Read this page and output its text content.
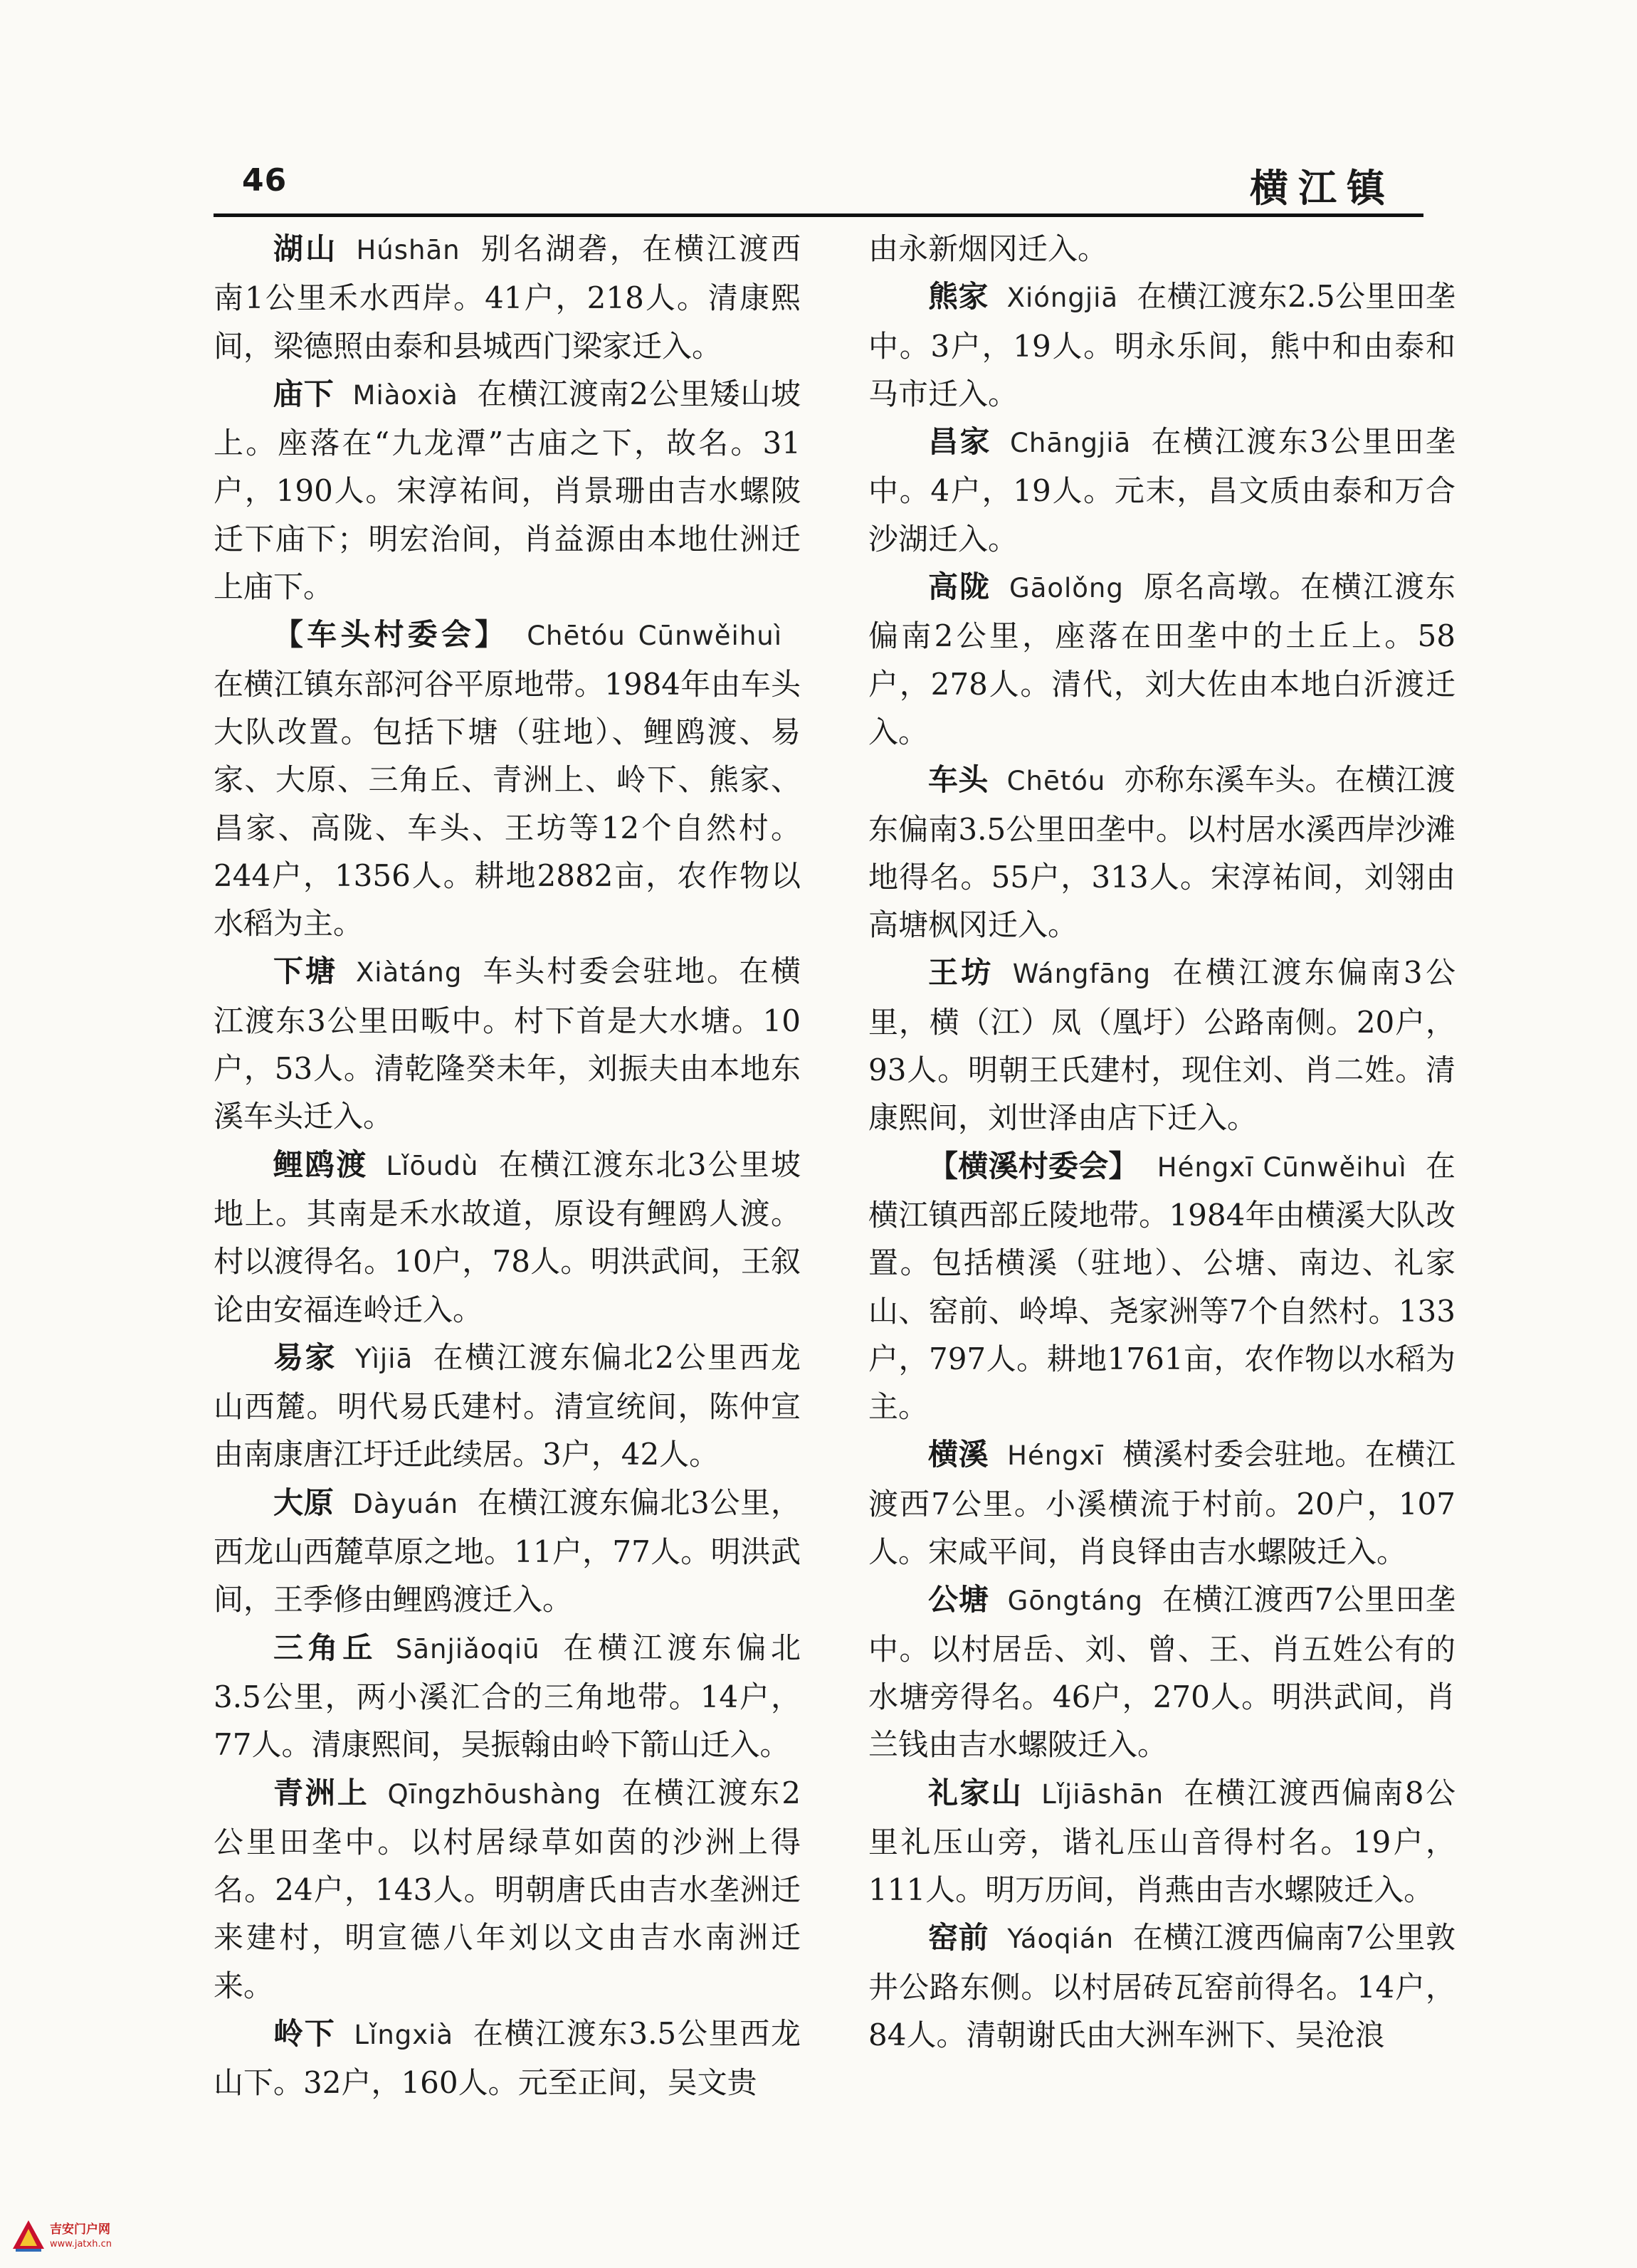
46	横江镇

湖山 Húshān 别名湖砻，在横江渡西南1公里禾水西岸。41户，218人。清康熙间，梁德照由泰和县城西门梁家迁入。

庙下 Miàoxià 在横江渡南2公里矮山坡上。座落在“九龙潭”古庙之下，故名。31户，190人。宋淳祐间，肖景珊由吉水螺陂迁下庙下；明宏治间，肖益源由本地仕洲迁上庙下。

【车头村委会】 Chētóu Cūnwěihuì在横江镇东部河谷平原地带。1984年由车头大队改置。包括下塘（驻地）、鲤鸥渡、易家、大原、三角丘、青洲上、岭下、熊家、昌家、高陇、车头、王坊等12个自然村。244户，1356人。耕地2882亩，农作物以水稻为主。

下塘 Xiàtáng 车头村委会驻地。在横江渡东3公里田畈中。村下首是大水塘。10户，53人。清乾隆癸未年，刘振夫由本地东溪车头迁入。

鲤鸥渡 Lǐōudù 在横江渡东北3公里坡地上。其南是禾水故道，原设有鲤鸥人渡。村以渡得名。10户，78人。明洪武间，王叙论由安福连岭迁入。

易家 Yìjiā 在横江渡东偏北2公里西龙山西麓。明代易氏建村。清宣统间，陈仲宣由南康唐江圩迁此续居。3户，42人。

大原 Dàyuán 在横江渡东偏北3公里，西龙山西麓草原之地。11户，77人。明洪武间，王季修由鲤鸥渡迁入。

三角丘 Sānjiǎoqiū 在横江渡东偏北3.5公里，两小溪汇合的三角地带。14户，77人。清康熙间，吴振翰由岭下箭山迁入。

青洲上 Qīngzhōushàng 在横江渡东2公里田垄中。以村居绿草如茵的沙洲上得名。24户，143人。明朝唐氏由吉水垄洲迁来建村，明宣德八年刘以文由吉水南洲迁来。

岭下 Lǐngxià 在横江渡东3.5公里西龙山下。32户，160人。元至正间，吴文贵

由永新烟冈迁入。

熊家 Xióngjiā 在横江渡东2.5公里田垄中。3户，19人。明永乐间，熊中和由泰和马市迁入。

昌家 Chāngjiā 在横江渡东3公里田垄中。4户，19人。元末，昌文质由泰和万合沙湖迁入。

高陇 Gāolǒng 原名高墩。在横江渡东偏南2公里，座落在田垄中的土丘上。58户，278人。清代，刘大佐由本地白沂渡迁入。

车头 Chētóu 亦称东溪车头。在横江渡东偏南3.5公里田垄中。以村居水溪西岸沙滩地得名。55户，313人。宋淳祐间，刘翎由高塘枫冈迁入。

王坊 Wángfāng 在横江渡东偏南3公里，横（江）凤（凰圩）公路南侧。20户，93人。明朝王氏建村，现住刘、肖二姓。清康熙间，刘世泽由店下迁入。

【横溪村委会】 Héngxī Cūnwěihuì 在横江镇西部丘陵地带。1984年由横溪大队改置。包括横溪（驻地）、公塘、南边、礼家山、窑前、岭埠、尧家洲等7个自然村。133户，797人。耕地1761亩，农作物以水稻为主。

横溪 Héngxī 横溪村委会驻地。在横江渡西7公里。小溪横流于村前。20户，107人。宋咸平间，肖良铎由吉水螺陂迁入。

公塘 Gōngtáng 在横江渡西7公里田垄中。以村居岳、刘、曾、王、肖五姓公有的水塘旁得名。46户，270人。明洪武间，肖兰钱由吉水螺陂迁入。

礼家山 Lǐjiāshān 在横江渡西偏南8公里礼压山旁，谐礼压山音得村名。19户，111人。明万历间，肖燕由吉水螺陂迁入。

窑前 Yáoqián 在横江渡西偏南7公里敦井公路东侧。以村居砖瓦窑前得名。14户，84人。清朝谢氏由大洲车洲下、吴沧浪

吉安门户网
www.jatxh.cn
